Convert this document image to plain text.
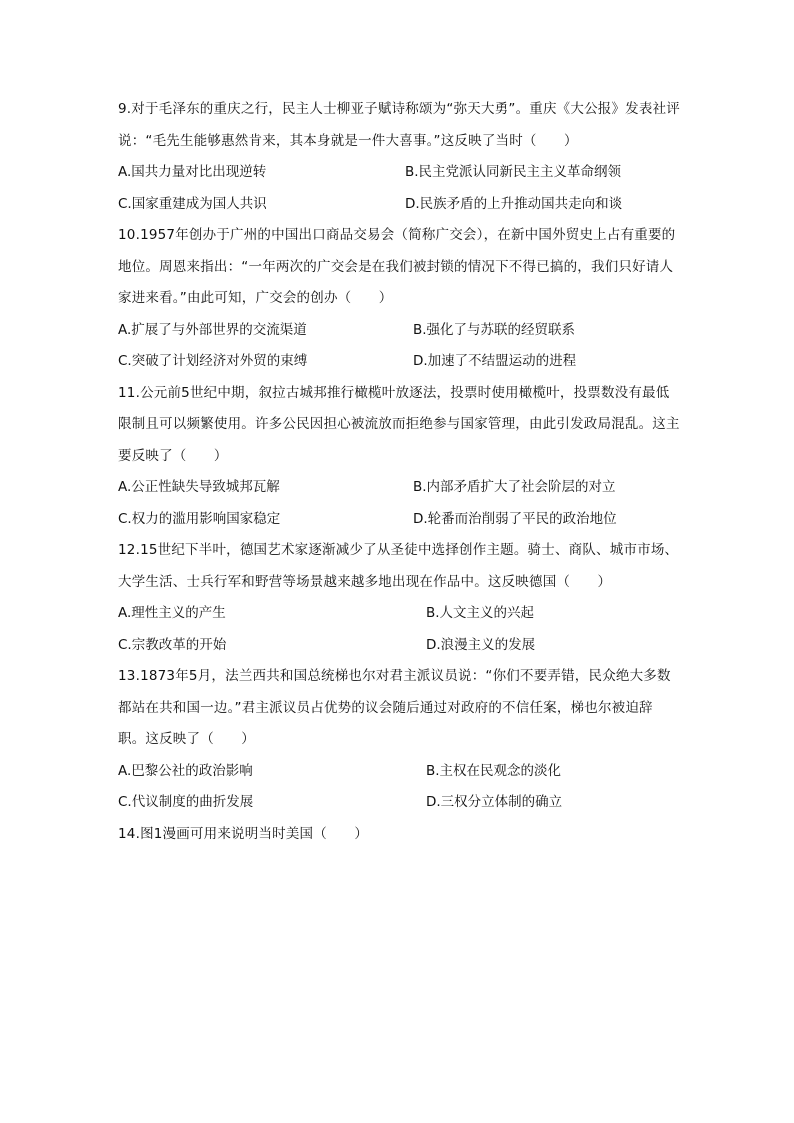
9.对于毛泽东的重庆之行，民主人士柳亚子赋诗称颂为“弥天大勇”。重庆《大公报》发表社评说：“毛先生能够惠然肯来，其本身就是一件大喜事。”这反映了当时（　　）

A.国共力量对比出现逆转	B.民主党派认同新民主主义革命纲领
C.国家重建成为国人共识	D.民族矛盾的上升推动国共走向和谈

10.1957年创办于广州的中国出口商品交易会（简称广交会），在新中国外贸史上占有重要的地位。周恩来指出：“一年两次的广交会是在我们被封锁的情况下不得已搞的，我们只好请人家进来看。”由此可知，广交会的创办（　　）

A.扩展了与外部世界的交流渠道	B.强化了与苏联的经贸联系
C.突破了计划经济对外贸的束缚	D.加速了不结盟运动的进程

11.公元前5世纪中期，叙拉古城邦推行橄榄叶放逐法，投票时使用橄榄叶，投票数没有最低限制且可以频繁使用。许多公民因担心被流放而拒绝参与国家管理，由此引发政局混乱。这主要反映了（　　）

A.公正性缺失导致城邦瓦解	B.内部矛盾扩大了社会阶层的对立
C.权力的滥用影响国家稳定	D.轮番而治削弱了平民的政治地位

12.15世纪下半叶，德国艺术家逐渐减少了从圣徒中选择创作主题。骑士、商队、城市市场、大学生活、士兵行军和野营等场景越来越多地出现在作品中。这反映德国（　　）

A.理性主义的产生	B.人文主义的兴起
C.宗教改革的开始	D.浪漫主义的发展

13.1873年5月，法兰西共和国总统梯也尔对君主派议员说：“你们不要弄错，民众绝大多数都站在共和国一边。”君主派议员占优势的议会随后通过对政府的不信任案，梯也尔被迫辞职。这反映了（　　）

A.巴黎公社的政治影响	B.主权在民观念的淡化
C.代议制度的曲折发展	D.三权分立体制的确立

14.图1漫画可用来说明当时美国（　　）
